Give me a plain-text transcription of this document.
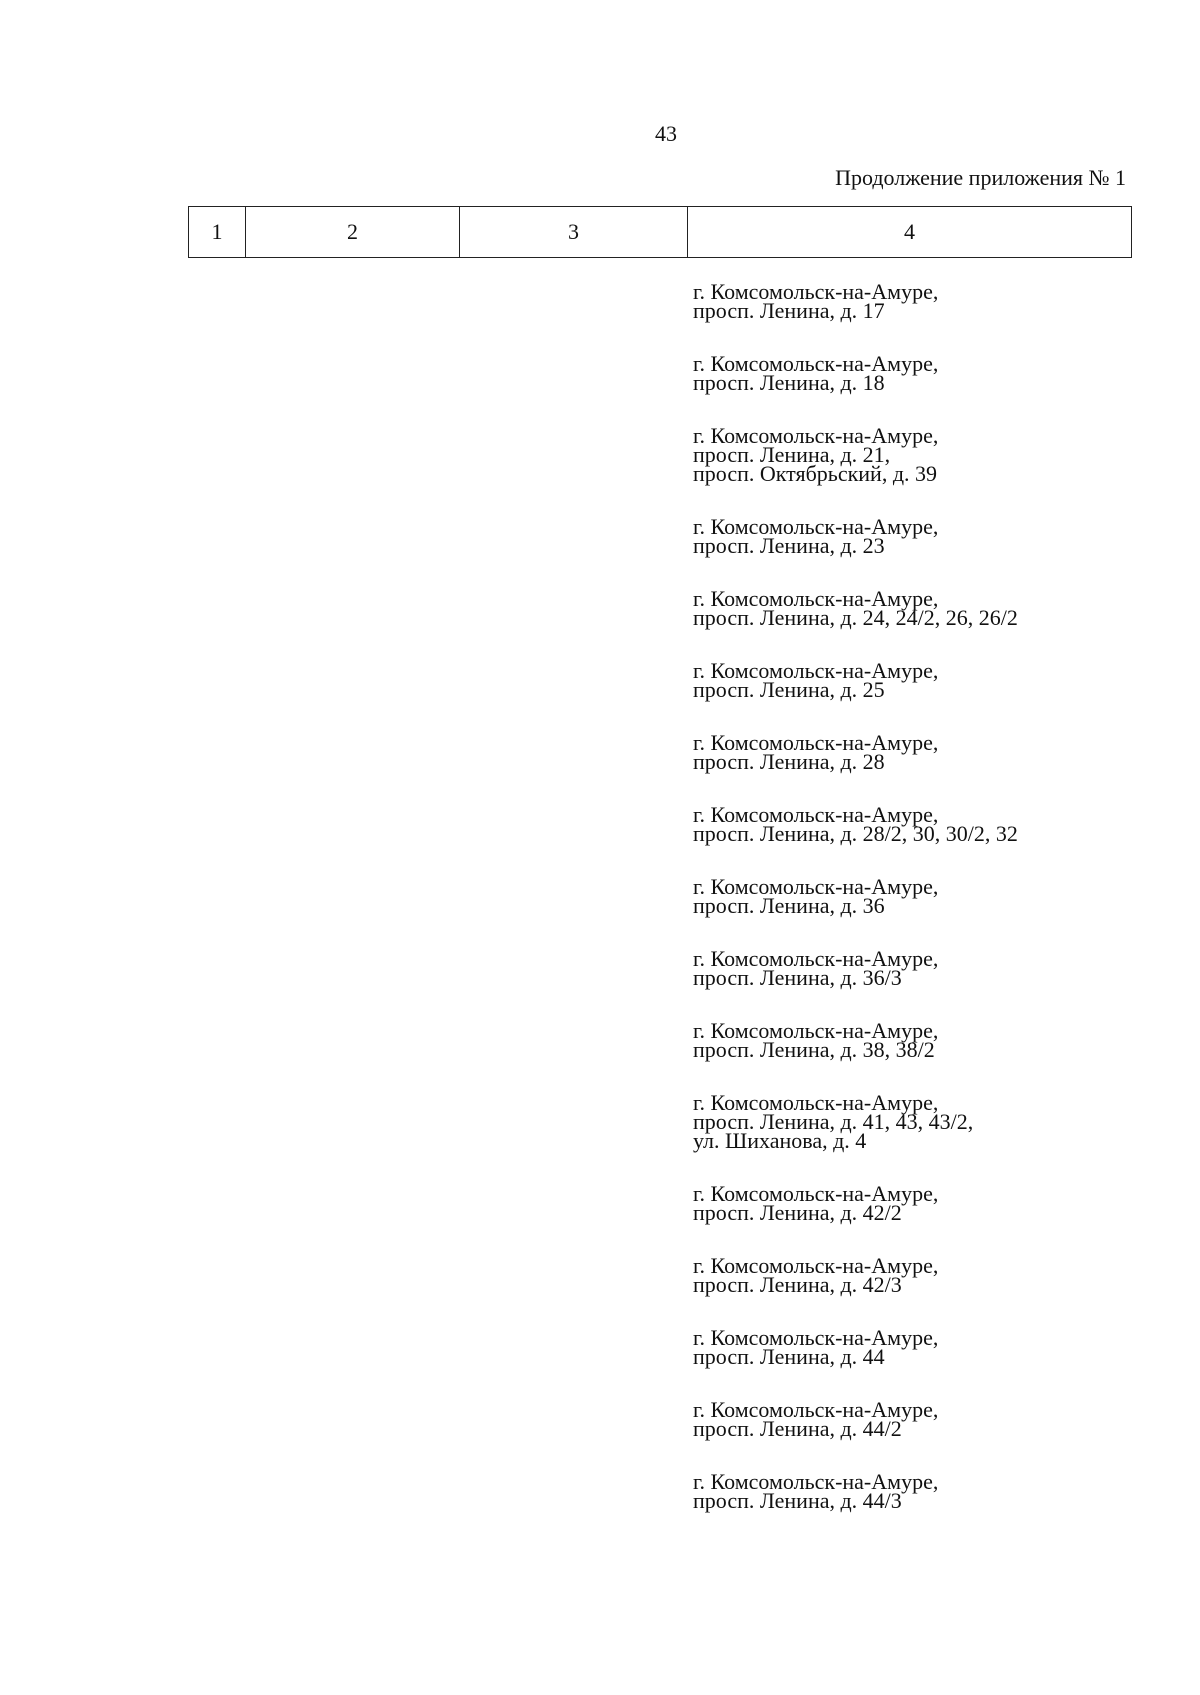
43
Продолжение приложения № 1
1	2	3	4
г. Комсомольск-на-Амуре,
просп. Ленина, д. 17
г. Комсомольск-на-Амуре,
просп. Ленина, д. 18
г. Комсомольск-на-Амуре,
просп. Ленина, д. 21,
просп. Октябрьский, д. 39
г. Комсомольск-на-Амуре,
просп. Ленина, д. 23
г. Комсомольск-на-Амуре,
просп. Ленина, д. 24, 24/2, 26, 26/2
г. Комсомольск-на-Амуре,
просп. Ленина, д. 25
г. Комсомольск-на-Амуре,
просп. Ленина, д. 28
г. Комсомольск-на-Амуре,
просп. Ленина, д. 28/2, 30, 30/2, 32
г. Комсомольск-на-Амуре,
просп. Ленина, д. 36
г. Комсомольск-на-Амуре,
просп. Ленина, д. 36/3
г. Комсомольск-на-Амуре,
просп. Ленина, д. 38, 38/2
г. Комсомольск-на-Амуре,
просп. Ленина, д. 41, 43, 43/2,
ул. Шиханова, д. 4
г. Комсомольск-на-Амуре,
просп. Ленина, д. 42/2
г. Комсомольск-на-Амуре,
просп. Ленина, д. 42/3
г. Комсомольск-на-Амуре,
просп. Ленина, д. 44
г. Комсомольск-на-Амуре,
просп. Ленина, д. 44/2
г. Комсомольск-на-Амуре,
просп. Ленина, д. 44/3
